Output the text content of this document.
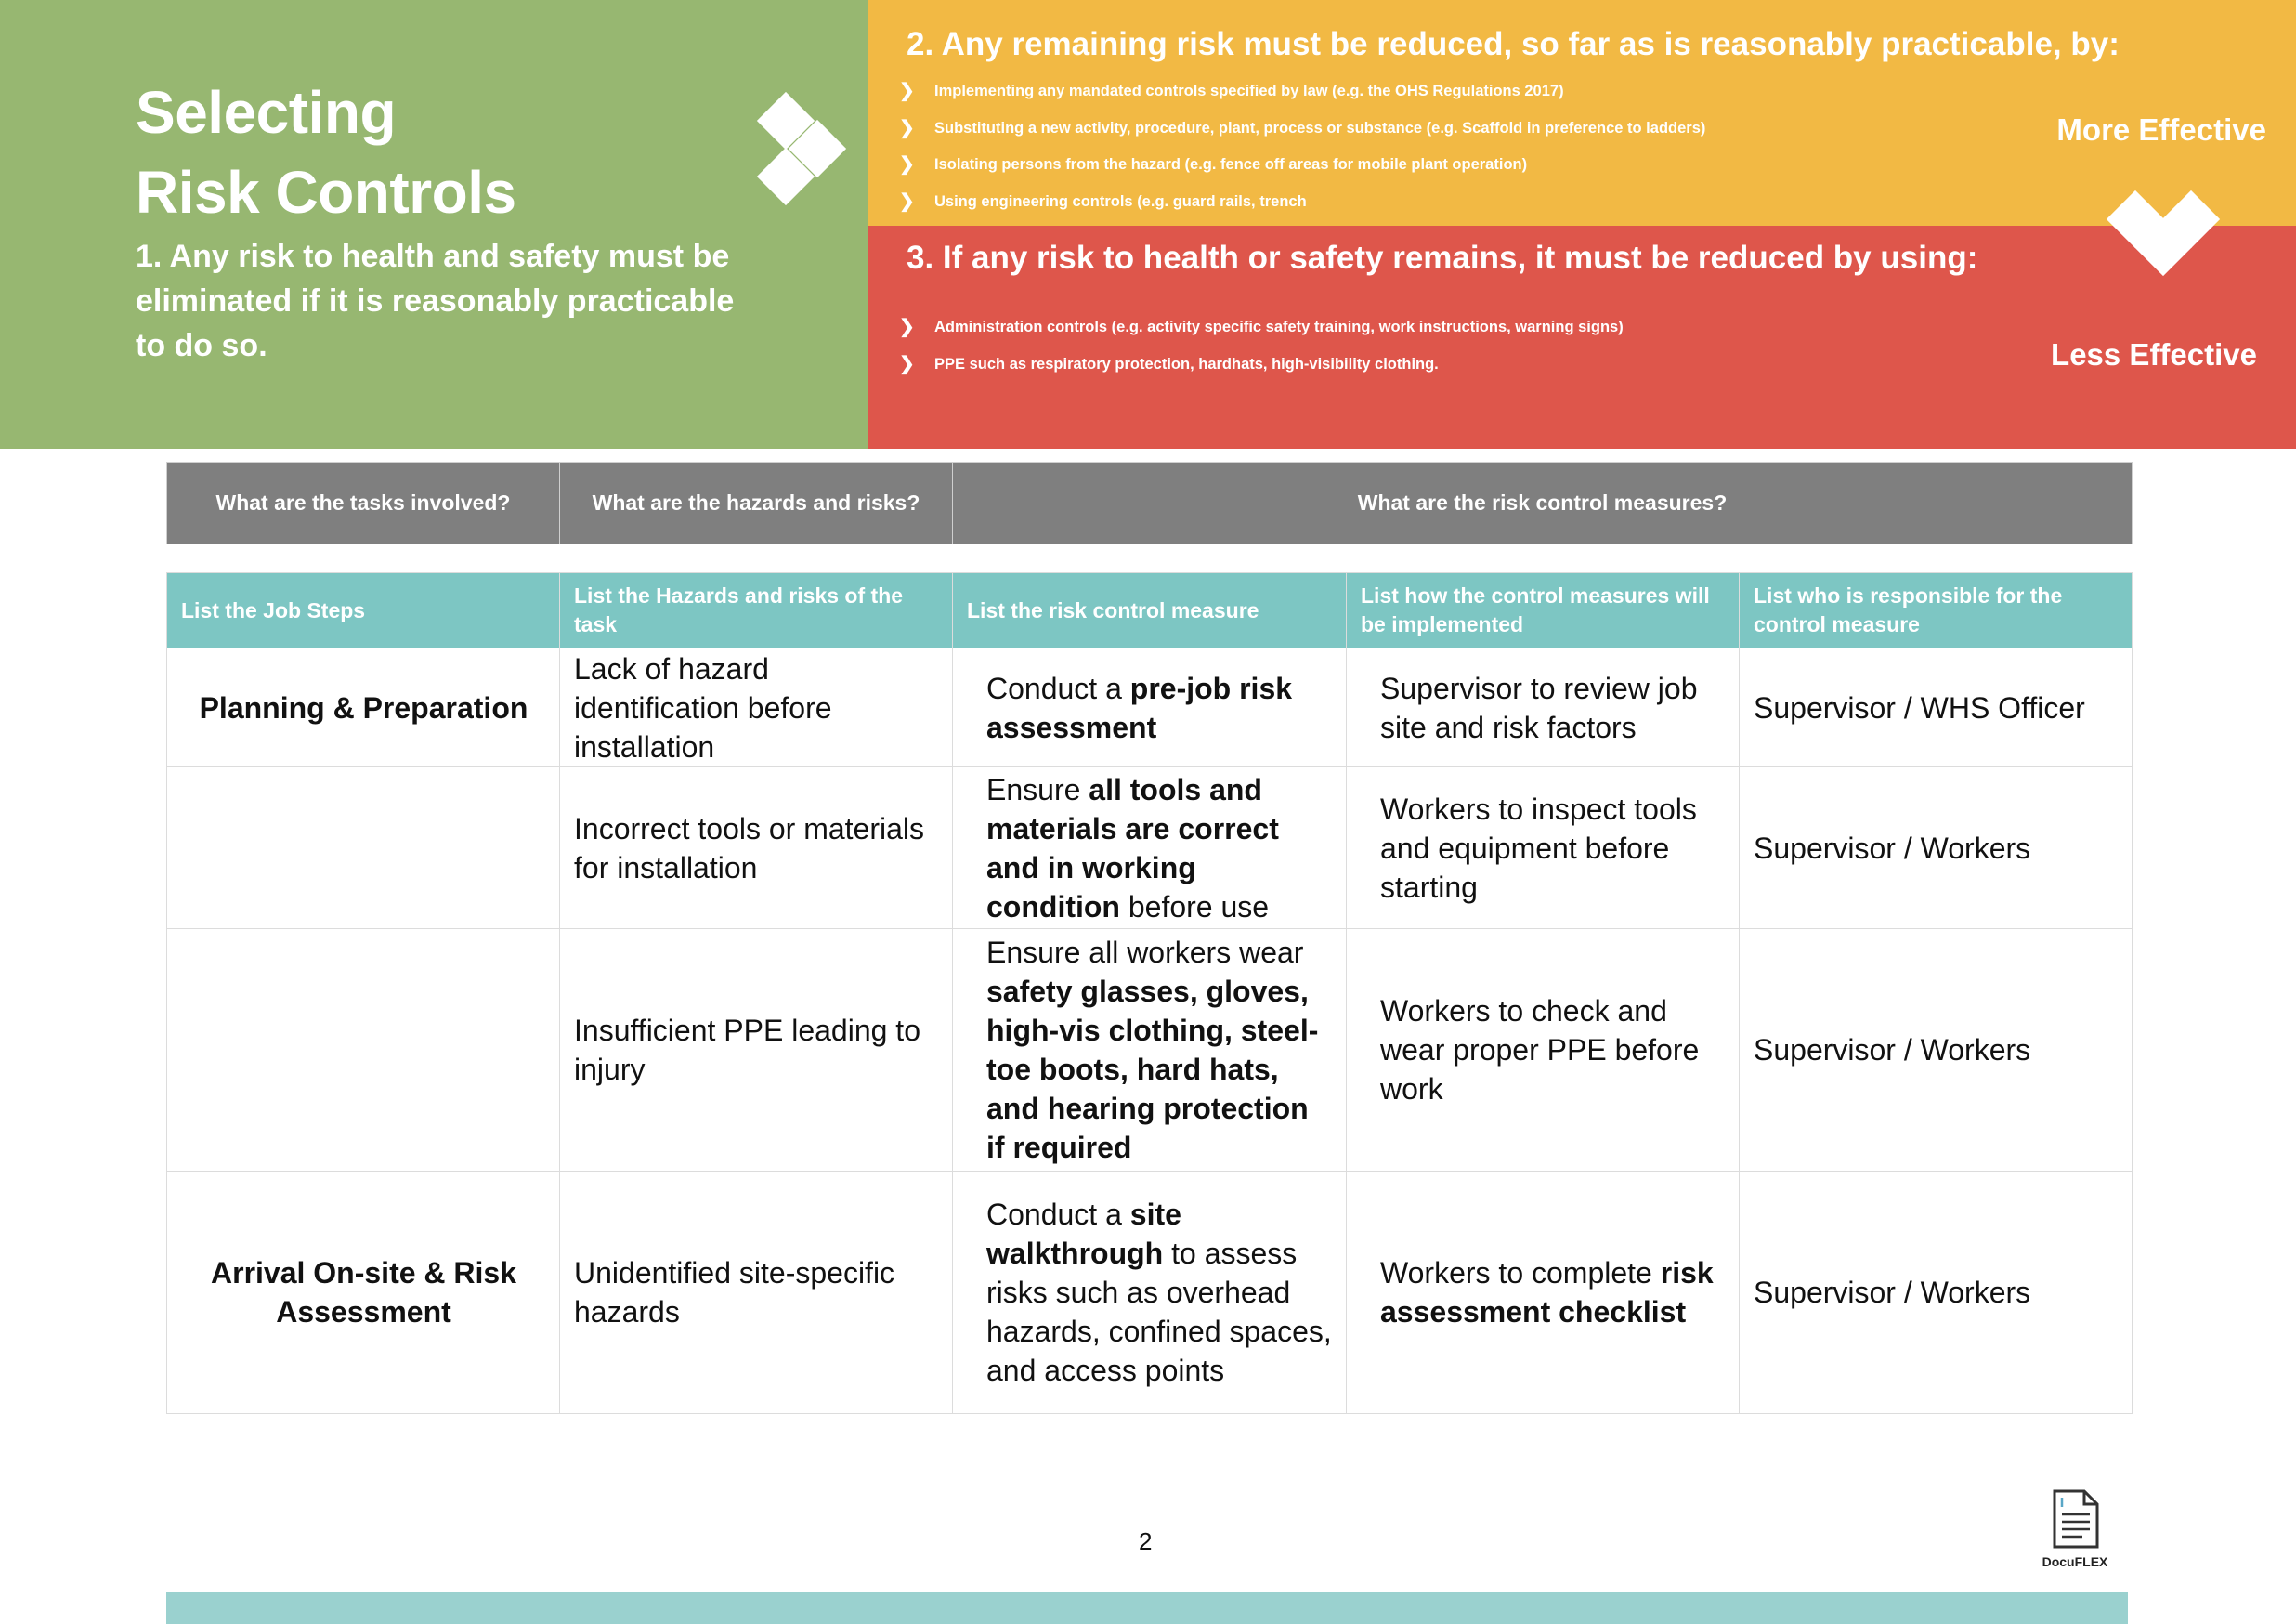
Selecting
Risk Controls
1. Any risk to health and safety must be eliminated if it is reasonably practicable to do so.
2. Any remaining risk must be reduced, so far as is reasonably practicable, by:
❯ Implementing any mandated controls specified by law (e.g. the OHS Regulations 2017)
❯ Substituting a new activity, procedure, plant, process or substance (e.g. Scaffold in preference to ladders)
❯ Isolating persons from the hazard (e.g. fence off areas for mobile plant operation)
❯ Using engineering controls (e.g. guard rails, trench
More Effective
3. If any risk to health or safety remains, it must be reduced by using:
❯ Administration controls (e.g. activity specific safety training, work instructions, warning signs)
❯ PPE such as respiratory protection, hardhats, high-visibility clothing.	Less Effective
What are the tasks involved?	What are the hazards and risks?	What are the risk control measures?
List the Job Steps	List the Hazards and risks of the task	List the risk control measure	List how the control measures will be implemented	List who is responsible for the control measure
Planning & Preparation	Lack of hazard identification before installation	Conduct a pre-job risk assessment	Supervisor to review job site and risk factors	Supervisor / WHS Officer
	Incorrect tools or materials for installation	Ensure all tools and materials are correct and in working condition before use	Workers to inspect tools and equipment before starting	Supervisor / Workers
	Insufficient PPE leading to injury	Ensure all workers wear safety glasses, gloves, high-vis clothing, steel-toe boots, hard hats, and hearing protection if required	Workers to check and wear proper PPE before work	Supervisor / Workers
Arrival On-site & Risk Assessment	Unidentified site-specific hazards	Conduct a site walkthrough to assess risks such as overhead hazards, confined spaces, and access points	Workers to complete risk assessment checklist	Supervisor / Workers
2
DocuFLEX
